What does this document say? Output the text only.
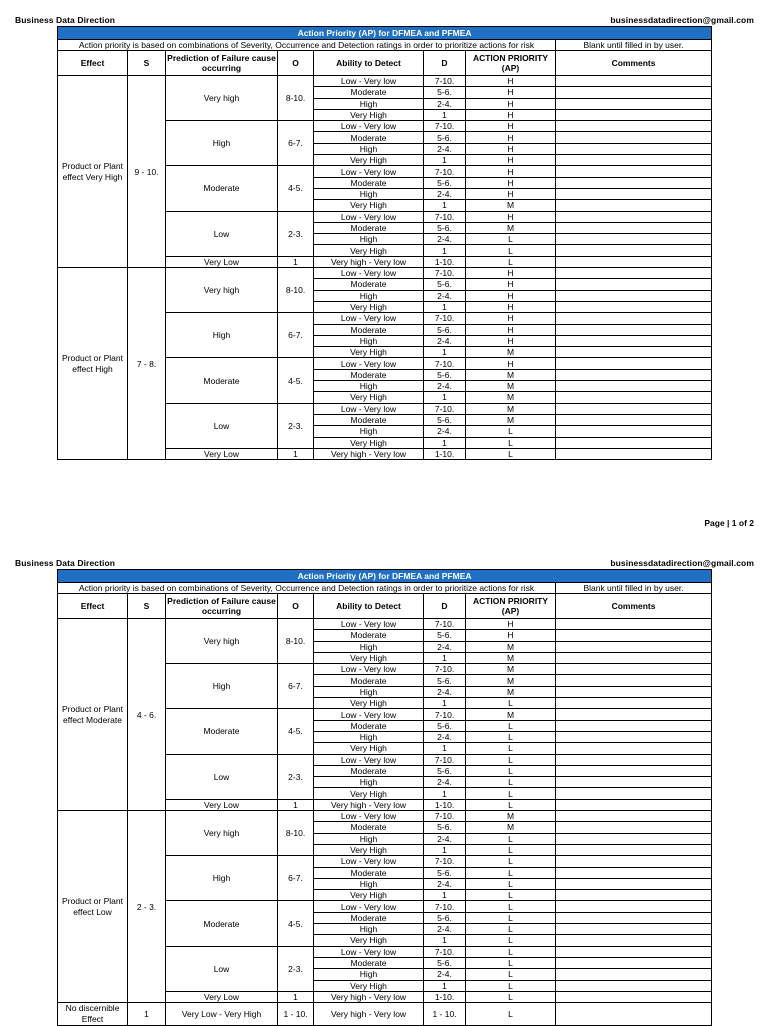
Business Data Direction	businessdatadirection@gmail.com
Action Priority (AP) for DFMEA and PFMEA							
Action priority is based on combinations of Severity, Occurrence and Detection ratings in order to prioritize actions for risk							Blank until filled in by user.
Effect	S	Prediction of Failure cause occurring	O	Ability to Detect	D	ACTION PRIORITY (AP)	Comments
Product or Plant effect Very High	9 - 10.	Very high	8-10.	Low - Very low	7-10.	H	
				Moderate	5-6.	H	
				High	2-4.	H	
				Very High	1	H	
		High	6-7.	Low - Very low	7-10.	H	
				Moderate	5-6.	H	
				High	2-4.	H	
				Very High	1	H	
		Moderate	4-5.	Low - Very low	7-10.	H	
				Moderate	5-6.	H	
				High	2-4.	H	
				Very High	1	M	
		Low	2-3.	Low - Very low	7-10.	H	
				Moderate	5-6.	M	
				High	2-4.	L	
				Very High	1	L	
		Very Low	1	Very high - Very low	1-10.	L	
Product or Plant effect High	7 - 8.	Very high	8-10.	Low - Very low	7-10.	H	
				Moderate	5-6.	H	
				High	2-4.	H	
				Very High	1	H	
		High	6-7.	Low - Very low	7-10.	H	
				Moderate	5-6.	H	
				High	2-4.	H	
				Very High	1	M	
		Moderate	4-5.	Low - Very low	7-10.	H	
				Moderate	5-6.	M	
				High	2-4.	M	
				Very High	1	M	
		Low	2-3.	Low - Very low	7-10.	M	
				Moderate	5-6.	M	
				High	2-4.	L	
				Very High	1	L	
		Very Low	1	Very high - Very low	1-10.	L	
Page | 1 of 2
Business Data Direction	businessdatadirection@gmail.com
Action Priority (AP) for DFMEA and PFMEA							
Action priority is based on combinations of Severity, Occurrence and Detection ratings in order to prioritize actions for risk							Blank until filled in by user.
Effect	S	Prediction of Failure cause occurring	O	Ability to Detect	D	ACTION PRIORITY (AP)	Comments
Product or Plant effect Moderate	4 - 6.	Very high	8-10.	Low - Very low	7-10.	H	
				Moderate	5-6.	H	
				High	2-4.	M	
				Very High	1	M	
		High	6-7.	Low - Very low	7-10.	M	
				Moderate	5-6.	M	
				High	2-4.	M	
				Very High	1	L	
		Moderate	4-5.	Low - Very low	7-10.	M	
				Moderate	5-6.	L	
				High	2-4.	L	
				Very High	1	L	
		Low	2-3.	Low - Very low	7-10.	L	
				Moderate	5-6.	L	
				High	2-4.	L	
				Very High	1	L	
		Very Low	1	Very high - Very low	1-10.	L	
Product or Plant effect Low	2 - 3.	Very high	8-10.	Low - Very low	7-10.	M	
				Moderate	5-6.	M	
				High	2-4.	L	
				Very High	1	L	
		High	6-7.	Low - Very low	7-10.	L	
				Moderate	5-6.	L	
				High	2-4.	L	
				Very High	1	L	
		Moderate	4-5.	Low - Very low	7-10.	L	
				Moderate	5-6.	L	
				High	2-4.	L	
				Very High	1	L	
		Low	2-3.	Low - Very low	7-10.	L	
				Moderate	5-6.	L	
				High	2-4.	L	
				Very High	1	L	
		Very Low	1	Very high - Very low	1-10.	L	
No discernible Effect	1	Very Low - Very High	1 - 10.	Very high - Very low	1 - 10.	L	
